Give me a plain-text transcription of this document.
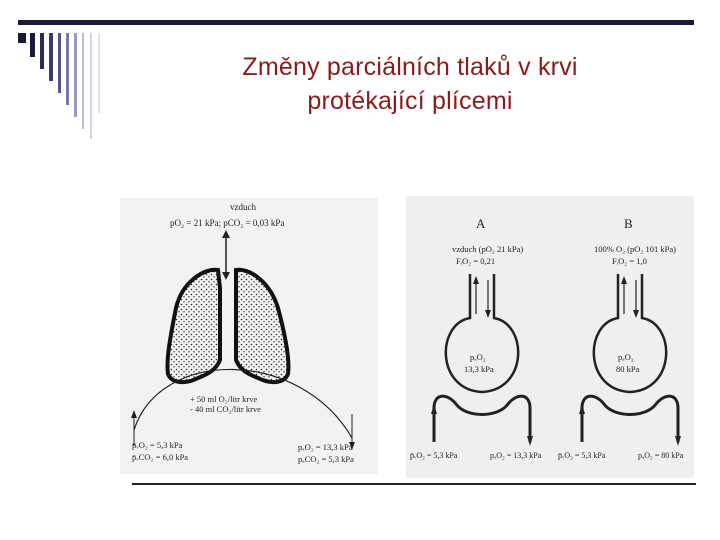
Změny parciálních tlaků v krvi
protékající plícemi
vzduch
pO₂ = 21 kPa; pCO₂ = 0,03 kPa
+ 50 ml O₂/litr krve
- 40 ml CO₂/litr krve
p̄ᵥO₂ = 5,3 kPa
p̄ᵥCO₂ = 6,0 kPa
pₐO₂ = 13,3 kPa
pₐCO₂ = 5,3 kPa
A
vzduch (pO₂ 21 kPa)
FᵢO₂ = 0,21
pₐO₂
13,3 kPa
p̄ᵥO₂ = 5,3 kPa	pₐO₂ = 13,3 kPa
B
100% O₂ (pO₂ 101 kPa)
FᵢO₂ = 1,0
pₐO₂
80 kPa
p̄ᵥO₂ = 5,3 kPa	pₐO₂ = 80 kPa
